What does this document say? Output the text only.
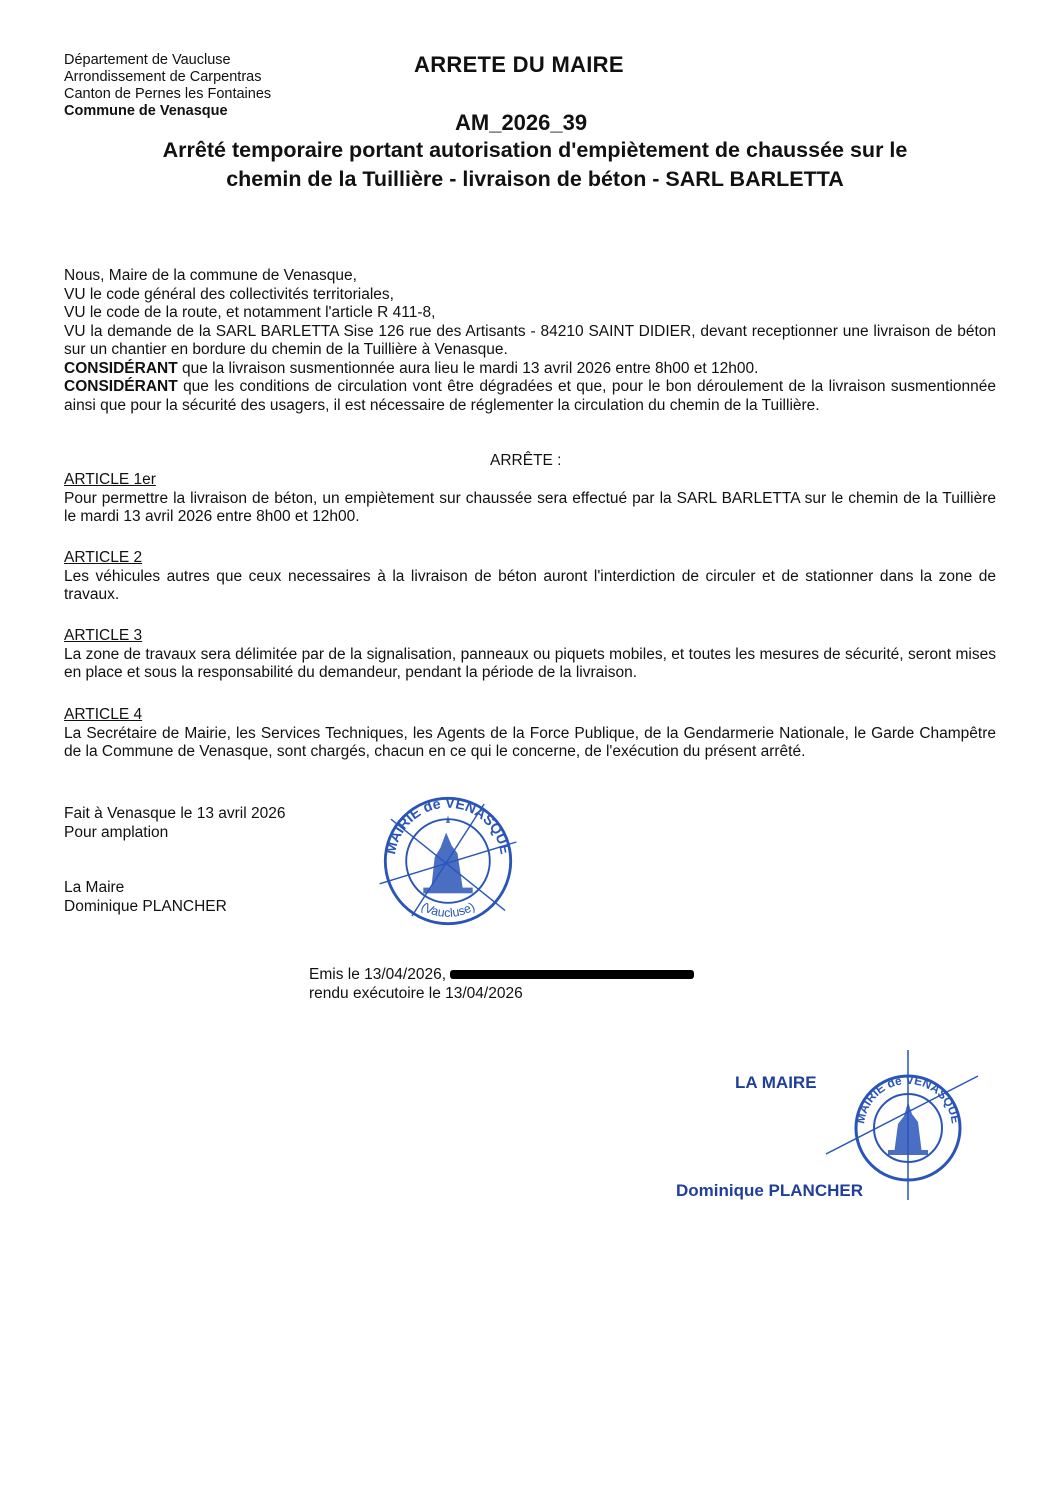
Département de Vaucluse
Arrondissement de Carpentras
Canton de Pernes les Fontaines
Commune de Venasque
ARRETE DU MAIRE
AM_2026_39
Arrêté temporaire portant autorisation d'empiètement de chaussée sur le
chemin de la Tuillière - livraison de béton - SARL BARLETTA

Nous, Maire de la commune de Venasque,

VU le code général des collectivités territoriales,

VU le code de la route, et notamment l'article R 411-8,

VU la demande de la SARL BARLETTA Sise 126 rue des Artisants - 84210 SAINT DIDIER, devant receptionner une livraison de béton sur un chantier en bordure du chemin de la Tuillière à Venasque.

CONSIDÉRANT que la livraison susmentionnée aura lieu le mardi 13 avril 2026 entre 8h00 et 12h00.

CONSIDÉRANT que les conditions de circulation vont être dégradées et que, pour le bon déroulement de la livraison susmentionnée ainsi que pour la sécurité des usagers, il est nécessaire de réglementer la circulation du chemin de la Tuillière.

ARRÊTE :

ARTICLE 1er

Pour permettre la livraison de béton, un empiètement sur chaussée sera effectué par la SARL BARLETTA sur le chemin de la Tuillière le mardi 13 avril 2026 entre 8h00 et 12h00.

ARTICLE 2

Les véhicules autres que ceux necessaires à la livraison de béton auront l'interdiction de circuler et de stationner dans la zone de travaux.

ARTICLE 3

La zone de travaux sera délimitée par de la signalisation, panneaux ou piquets mobiles, et toutes les mesures de sécurité, seront mises en place et sous la responsabilité du demandeur, pendant la période de la livraison.

ARTICLE 4

La Secrétaire de Mairie, les Services Techniques, les Agents de la Force Publique, de la Gendarmerie Nationale, le Garde Champêtre de la Commune de Venasque, sont chargés, chacun en ce qui le concerne, de l'exécution du présent arrêté.

Fait à Venasque le 13 avril 2026

Pour amplation

La Maire

Dominique PLANCHER

MAIRIE de VENASQUE
(Vaucluse)

Emis le 13/04/2026,

rendu exécutoire le 13/04/2026

LA MAIRE
MAIRIE de VENASQUE
Dominique PLANCHER
